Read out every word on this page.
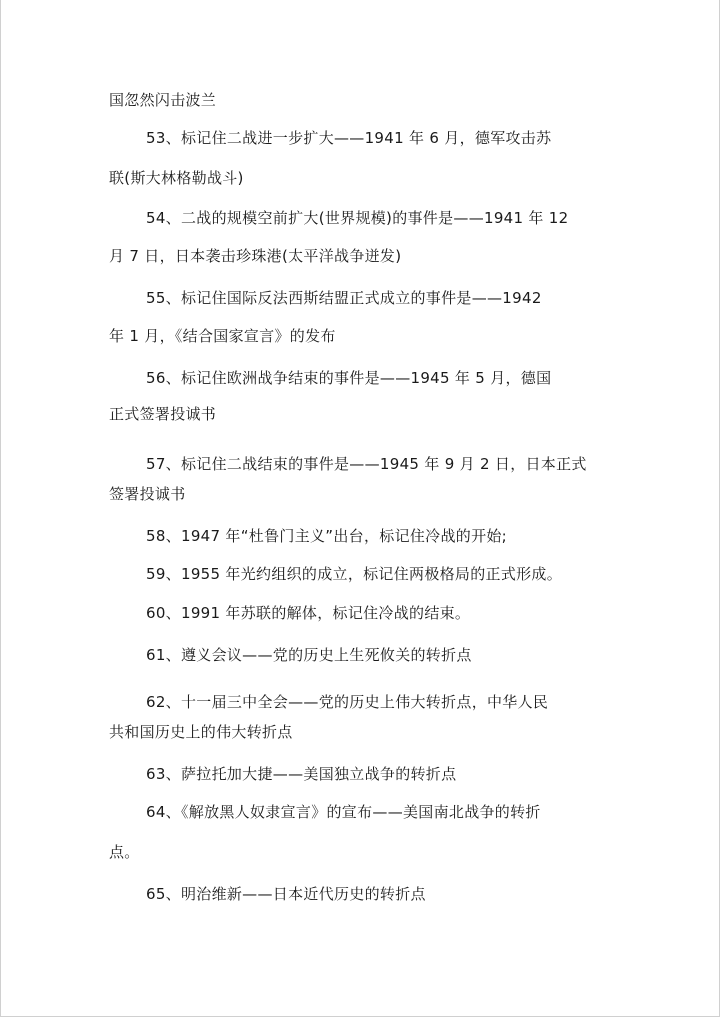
国忽然闪击波兰
53、标记住二战进一步扩大——1941 年 6 月，德军攻击苏
联(斯大林格勒战斗)
54、二战的规模空前扩大(世界规模)的事件是——1941 年 12
月 7 日，日本袭击珍珠港(太平洋战争迸发)
55、标记住国际反法西斯结盟正式成立的事件是——1942
年 1 月，《结合国家宣言》的发布
56、标记住欧洲战争结束的事件是——1945 年 5 月，德国
正式签署投诚书
57、标记住二战结束的事件是——1945 年 9 月 2 日，日本正式
签署投诚书
58、1947 年“杜鲁门主义”出台，标记住冷战的开始;
59、1955 年光约组织的成立，标记住两极格局的正式形成。
60、1991 年苏联的解体，标记住冷战的结束。
61、遵义会议——党的历史上生死攸关的转折点
62、十一届三中全会——党的历史上伟大转折点，中华人民
共和国历史上的伟大转折点
63、萨拉托加大捷——美国独立战争的转折点
64、《解放黑人奴隶宣言》的宣布——美国南北战争的转折
点。
65、明治维新——日本近代历史的转折点
